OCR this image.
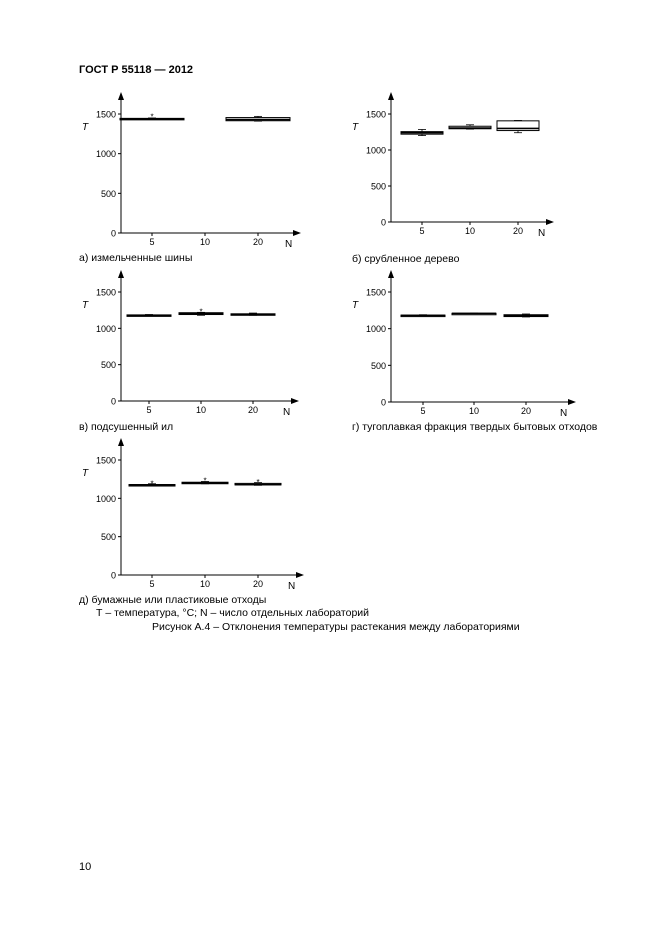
ГОСТ Р 55118 — 2012
0
500
1000
1500
T
5	10	20 N
*
а) измельченные шины
0
500
1000
1500
T
5	10	20 N
б) срубленное дерево
0
500
1000
1500
T
5	10	20 N
*
в) подсушенный ил
0
500
1000
1500
T
5	10	20	N
г) тугоплавкая фракция твердых бытовых отходов
0
500
1000
1500
T
5	10	20 N
*	*	*
д) бумажные или пластиковые отходы
Т – температура, °С; N – число отдельных лабораторий
Рисунок А.4 – Отклонения температуры растекания между лабораториями
10
